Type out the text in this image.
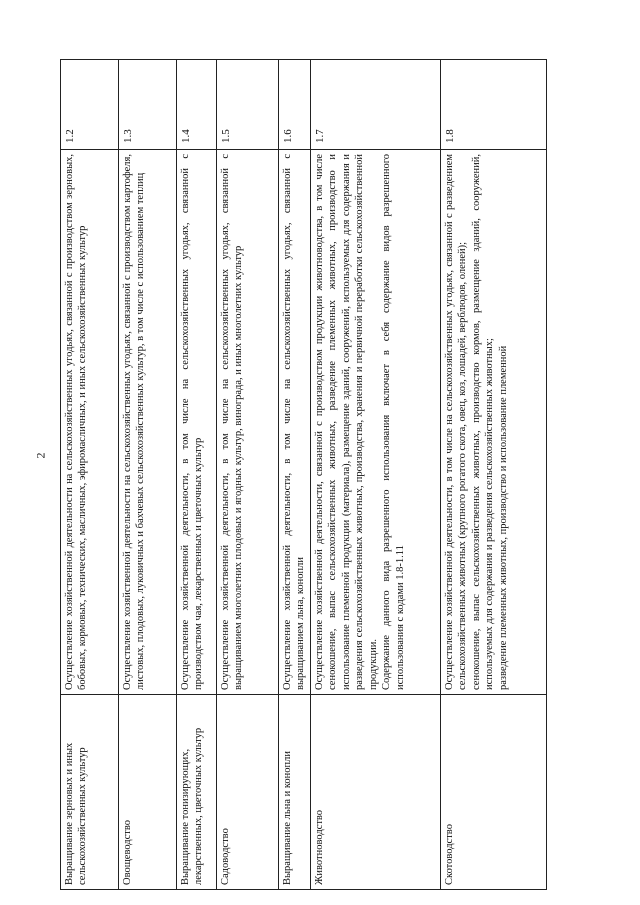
2
Выращивание зерновых и иных сельскохозяйственных культур	Осуществление хозяйственной деятельности на сельскохозяйственных угодьях, связанной с производством зерновых, бобовых, кормовых, технических, масличных, эфиромасличных, и иных сельскохозяйственных культур	1.2
Овощеводство	Осуществление хозяйственной деятельности на сельскохозяйственных угодьях, связанной с производством картофеля, листовых, плодовых, луковичных и бахчевых сельскохозяйственных культур, в том числе с использованием теплиц	1.3
Выращивание тонизирующих, лекарственных, цветочных культур	Осуществление хозяйственной деятельности, в том числе на сельскохозяйственных угодьях, связанной с производством чая, лекарственных и цветочных культур	1.4
Садоводство	Осуществление хозяйственной деятельности, в том числе на сельскохозяйственных угодьях, связанной с выращиванием многолетних плодовых и ягодных культур, винограда, и иных многолетних культур	1.5
Выращивание льна и конопли	Осуществление хозяйственной деятельности, в том числе на сельскохозяйственных угодьях, связанной с выращиванием льна, конопли	1.6
Животноводство	Осуществление хозяйственной деятельности, связанной с производством продукции животноводства, в том числе сенокошение, выпас сельскохозяйственных животных, разведение племенных животных, производство и использование племенной продукции (материала), размещение зданий, сооружений, используемых для содержания и разведения сельскохозяйственных животных, производства, хранения и первичной переработки сельскохозяйственной продукции. Содержание данного вида разрешенного использования включает в себя содержание видов разрешенного использования с кодами 1.8-1.11	1.7
Скотоводство	Осуществление хозяйственной деятельности, в том числе на сельскохозяйственных угодьях, связанной с разведением сельскохозяйственных животных (крупного рогатого скота, овец, коз, лошадей, верблюдов, оленей); сенокошение, выпас сельскохозяйственных животных, производство кормов, размещение зданий, сооружений, используемых для содержания и разведения сельскохозяйственных животных; разведение племенных животных, производство и использование племенной	1.8
